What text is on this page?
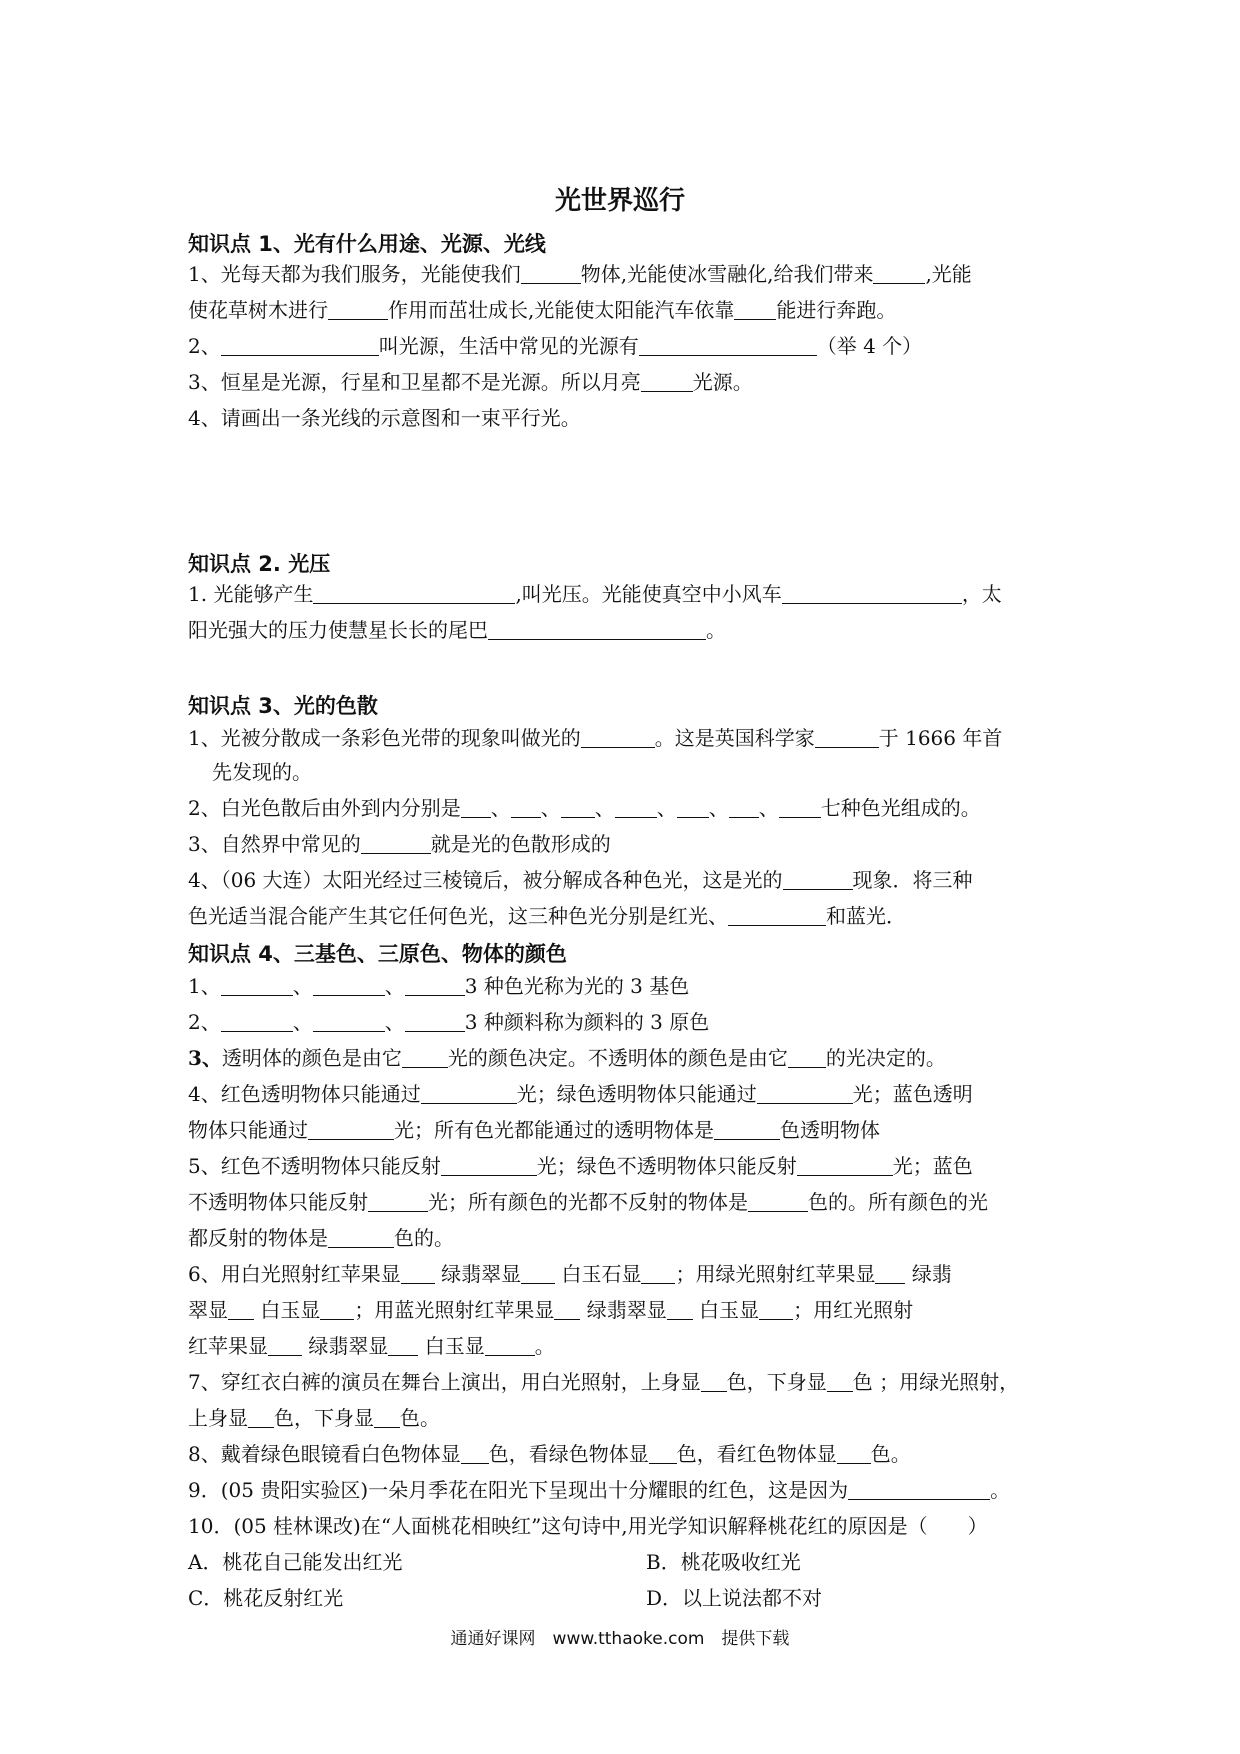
光世界巡行
知识点 1、光有什么用途、光源、光线
1、光每天都为我们服务，光能使我们	物体,光能使冰雪融化,给我们带来	,光能
使花草树木进行	作用而茁壮成长,光能使太阳能汽车依靠 能进行奔跑。
2、	叫光源，生活中常见的光源有	（举 4 个）
3、恒星是光源，行星和卫星都不是光源。所以月亮	光源。
4、请画出一条光线的示意图和一束平行光。
知识点 2. 光压
1. 光能够产生	,叫光压。光能使真空中小风车	，太
阳光强大的压力使慧星长长的尾巴	。
知识点 3、光的色散
1、光被分散成一条彩色光带的现象叫做光的	。这是英国科学家	于 1666 年首
先发现的。
2、白光色散后由外到内分别是 、 、 、 、 、 、 七种色光组成的。
3、自然界中常见的	就是光的色散形成的
4、（06 大连）太阳光经过三棱镜后，被分解成各种色光，这是光的	现象．将三种
色光适当混合能产生其它任何色光，这三种色光分别是红光、	和蓝光．
知识点 4、三基色、三原色、物体的颜色
1、	、	、	3 种色光称为光的 3 基色
2、	、	、	3 种颜料称为颜料的 3 原色
3、透明体的颜色是由它 光的颜色决定。不透明体的颜色是由它 的光决定的。
4、红色透明物体只能通过	光；绿色透明物体只能通过	光；蓝色透明
物体只能通过	光；所有色光都能通过的透明物体是	色透明物体
5、红色不透明物体只能反射	光；绿色不透明物体只能反射	光；蓝色
不透明物体只能反射	光；所有颜色的光都不反射的物体是	色的。所有颜色的光
都反射的物体是	色的。
6、用白光照射红苹果显 绿翡翠显 白玉石显 ；用绿光照射红苹果显 绿翡
翠显 白玉显 ；用蓝光照射红苹果显 绿翡翠显 白玉显 ；用红光照射
红苹果显 绿翡翠显 白玉显	。
7、穿红衣白裤的演员在舞台上演出，用白光照射，上身显 色，下身显 色 ；用绿光照射，
上身显 色，下身显 色。
8、戴着绿色眼镜看白色物体显 色，看绿色物体显 色，看红色物体显 色。
9．(05 贵阳实验区)一朵月季花在阳光下呈现出十分耀眼的红色，这是因为	。
10．(05 桂林课改)在“人面桃花相映红”这句诗中,用光学知识解释桃花红的原因是（　　）
A．桃花自己能发出红光	B．桃花吸收红光
C．桃花反射红光	D．以上说法都不对
通通好课网　www.tthaoke.com　提供下载
